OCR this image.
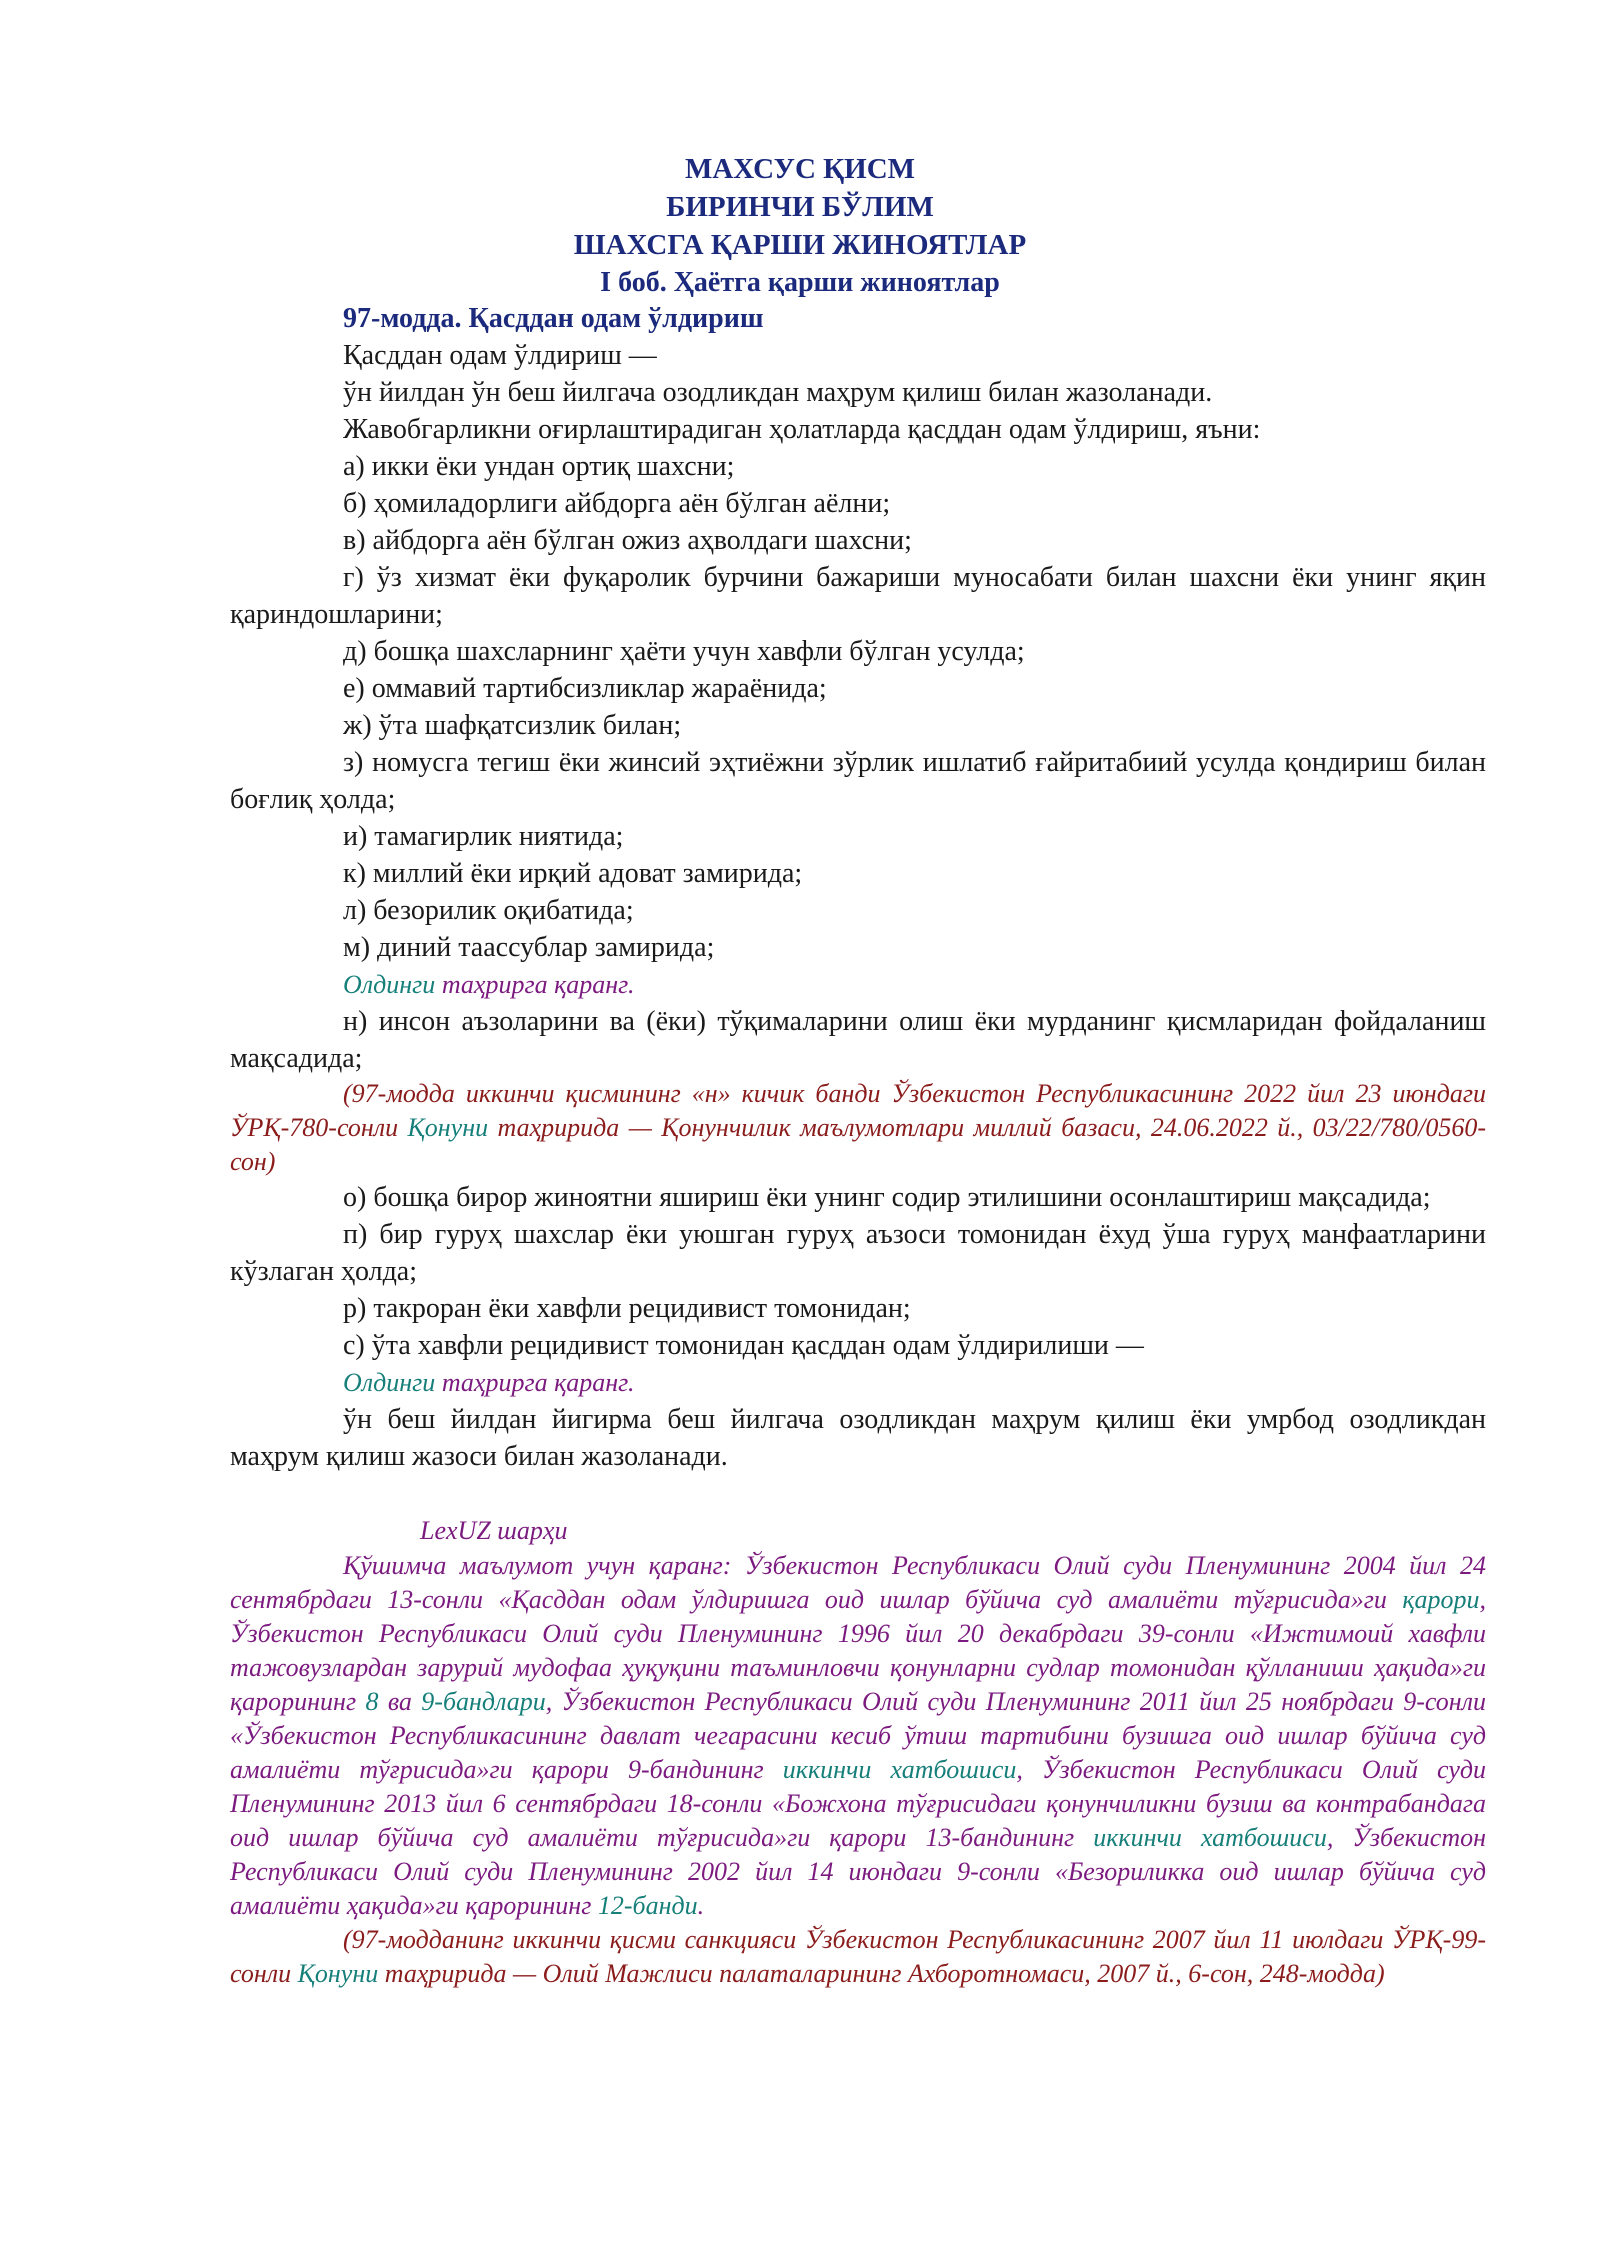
МАХСУС ҚИСМ
БИРИНЧИ БЎЛИМ
ШАХСГА ҚАРШИ ЖИНОЯТЛАР
I боб. Ҳаётга қарши жиноятлар

97-модда. Қасддан одам ўлдириш

Қасддан одам ўлдириш —

ўн йилдан ўн беш йилгача озодликдан маҳрум қилиш билан жазоланади.

Жавобгарликни оғирлаштирадиган ҳолатларда қасддан одам ўлдириш, яъни:

а) икки ёки ундан ортиқ шахсни;

б) ҳомиладорлиги айбдорга аён бўлган аёлни;

в) айбдорга аён бўлган ожиз аҳволдаги шахсни;

г) ўз хизмат ёки фуқаролик бурчини бажариши муносабати билан шахсни ёки унинг яқин қариндошларини;

д) бошқа шахсларнинг ҳаёти учун хавфли бўлган усулда;

е) оммавий тартибсизликлар жараёнида;

ж) ўта шафқатсизлик билан;

з) номусга тегиш ёки жинсий эҳтиёжни зўрлик ишлатиб ғайритабиий усулда қондириш билан боғлиқ ҳолда;

и) тамагирлик ниятида;

к) миллий ёки ирқий адоват замирида;

л) безорилик оқибатида;

м) диний таассублар замирида;

Олдинги таҳрирга қаранг.

н) инсон аъзоларини ва (ёки) тўқималарини олиш ёки мурданинг қисмларидан фойдаланиш мақсадида;

(97-модда иккинчи қисмининг «н» кичик банди Ўзбекистон Республикасининг 2022 йил 23 июндаги ЎРҚ-780-сонли Қонуни таҳририда — Қонунчилик маълумотлари миллий базаси, 24.06.2022 й., 03/22/780/0560-сон)

о) бошқа бирор жиноятни яшириш ёки унинг содир этилишини осонлаштириш мақсадида;

п) бир гуруҳ шахслар ёки уюшган гуруҳ аъзоси томонидан ёхуд ўша гуруҳ манфаатларини кўзлаган ҳолда;

р) такроран ёки хавфли рецидивист томонидан;

с) ўта хавфли рецидивист томонидан қасддан одам ўлдирилиши —

Олдинги таҳрирга қаранг.

ўн беш йилдан йигирма беш йилгача озодликдан маҳрум қилиш ёки умрбод озодликдан маҳрум қилиш жазоси билан жазоланади.

LexUZ шарҳи

Қўшимча маълумот учун қаранг: Ўзбекистон Республикаси Олий суди Пленумининг 2004 йил 24 сентябрдаги 13-сонли «Қасддан одам ўлдиришга оид ишлар бўйича суд амалиёти тўғрисида»ги қарори, Ўзбекистон Республикаси Олий суди Пленумининг 1996 йил 20 декабрдаги 39-сонли «Ижтимоий хавфли тажовузлардан зарурий мудофаа ҳуқуқини таъминловчи қонунларни судлар томонидан қўлланиши ҳақида»ги қарорининг 8 ва 9-бандлари, Ўзбекистон Республикаси Олий суди Пленумининг 2011 йил 25 ноябрдаги 9-сонли «Ўзбекистон Республикасининг давлат чегарасини кесиб ўтиш тартибини бузишга оид ишлар бўйича суд амалиёти тўғрисида»ги қарори 9-бандининг иккинчи хатбошиси, Ўзбекистон Республикаси Олий суди Пленумининг 2013 йил 6 сентябрдаги 18-сонли «Божхона тўғрисидаги қонунчиликни бузиш ва контрабандага оид ишлар бўйича суд амалиёти тўғрисида»ги қарори 13-бандининг иккинчи хатбошиси, Ўзбекистон Республикаси Олий суди Пленумининг 2002 йил 14 июндаги 9-сонли «Безориликка оид ишлар бўйича суд амалиёти ҳақида»ги қарорининг 12-банди.

(97-модданинг иккинчи қисми санкцияси Ўзбекистон Республикасининг 2007 йил 11 июлдаги ЎРҚ-99-сонли Қонуни таҳририда — Олий Мажлиси палаталарининг Ахборотномаси, 2007 й., 6-сон, 248-модда)
